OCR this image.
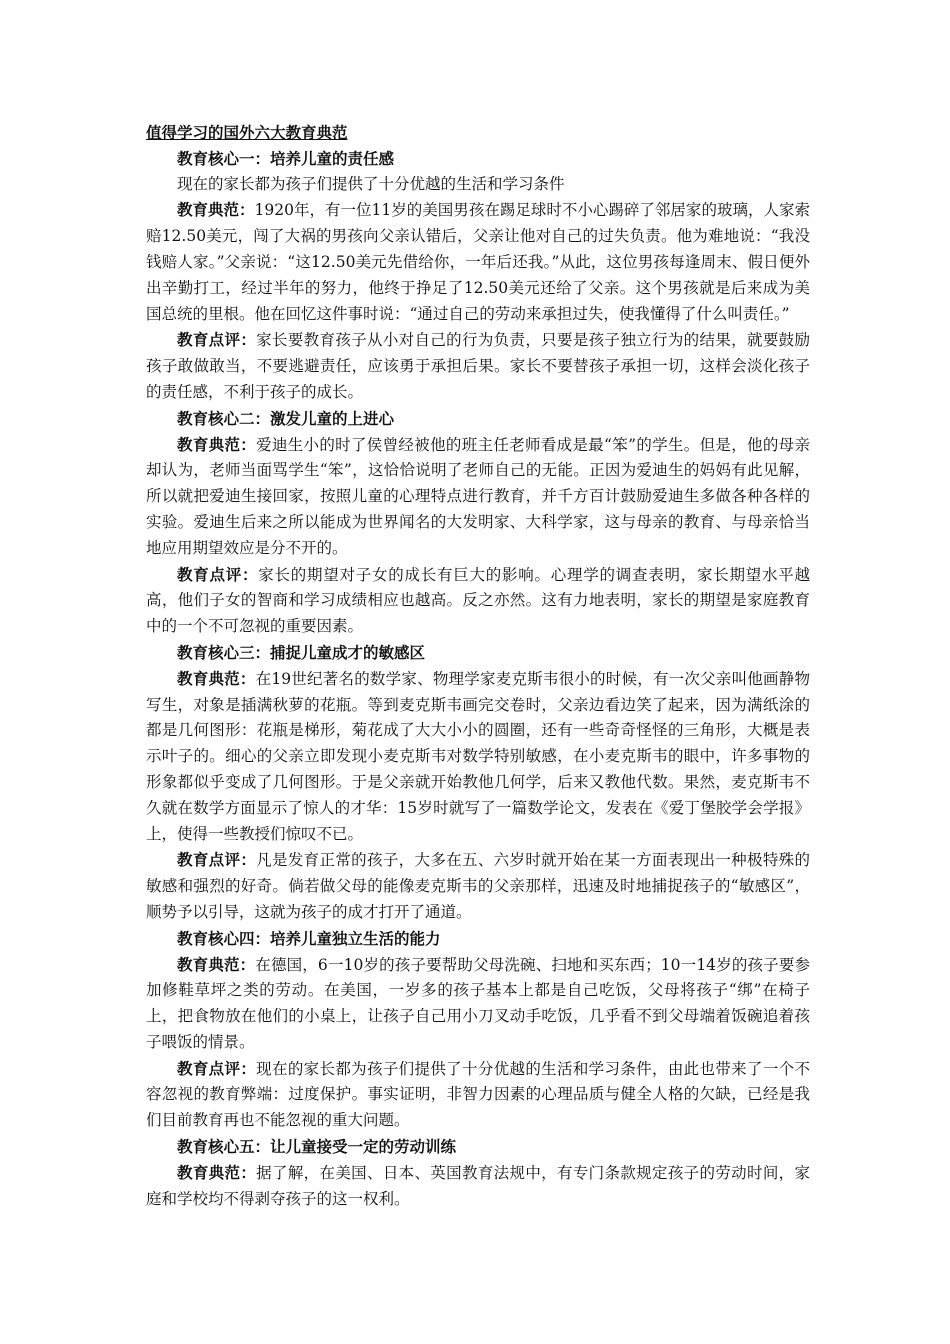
值得学习的国外六大教育典范

教育核心一：培养儿童的责任感

现在的家长都为孩子们提供了十分优越的生活和学习条件

教育典范：1920年，有一位11岁的美国男孩在踢足球时不小心踢碎了邻居家的玻璃，人家索赔12.50美元，闯了大祸的男孩向父亲认错后，父亲让他对自己的过失负责。他为难地说：“我没钱赔人家。”父亲说：“这12.50美元先借给你，一年后还我。”从此，这位男孩每逢周末、假日便外出辛勤打工，经过半年的努力，他终于挣足了12.50美元还给了父亲。这个男孩就是后来成为美国总统的里根。他在回忆这件事时说：“通过自己的劳动来承担过失，使我懂得了什么叫责任。”

教育点评：家长要教育孩子从小对自己的行为负责，只要是孩子独立行为的结果，就要鼓励孩子敢做敢当，不要逃避责任，应该勇于承担后果。家长不要替孩子承担一切，这样会淡化孩子的责任感，不利于孩子的成长。

教育核心二：激发儿童的上进心

教育典范：爱迪生小的时了侯曾经被他的班主任老师看成是最“笨”的学生。但是，他的母亲却认为，老师当面骂学生“笨”，这恰恰说明了老师自己的无能。正因为爱迪生的妈妈有此见解，所以就把爱迪生接回家，按照儿童的心理特点进行教育，并千方百计鼓励爱迪生多做各种各样的实验。爱迪生后来之所以能成为世界闻名的大发明家、大科学家，这与母亲的教育、与母亲恰当地应用期望效应是分不开的。

教育点评：家长的期望对子女的成长有巨大的影响。心理学的调查表明，家长期望水平越高，他们子女的智商和学习成绩相应也越高。反之亦然。这有力地表明，家长的期望是家庭教育中的一个不可忽视的重要因素。

教育核心三：捕捉儿童成才的敏感区

教育典范：在19世纪著名的数学家、物理学家麦克斯韦很小的时候，有一次父亲叫他画静物写生，对象是插满秋萝的花瓶。等到麦克斯韦画完交卷时，父亲边看边笑了起来，因为满纸涂的都是几何图形：花瓶是梯形，菊花成了大大小小的圆圈，还有一些奇奇怪怪的三角形，大概是表示叶子的。细心的父亲立即发现小麦克斯韦对数学特别敏感，在小麦克斯韦的眼中，许多事物的形象都似乎变成了几何图形。于是父亲就开始教他几何学，后来又教他代数。果然，麦克斯韦不久就在数学方面显示了惊人的才华：15岁时就写了一篇数学论文，发表在《爱丁堡胶学会学报》上，使得一些教授们惊叹不已。

教育点评：凡是发育正常的孩子，大多在五、六岁时就开始在某一方面表现出一种极特殊的敏感和强烈的好奇。倘若做父母的能像麦克斯韦的父亲那样，迅速及时地捕捉孩子的“敏感区”，顺势予以引导，这就为孩子的成才打开了通道。

教育核心四：培养儿童独立生活的能力

教育典范：在德国，6一10岁的孩子要帮助父母洗碗、扫地和买东西；10一14岁的孩子要参加修鞋草坪之类的劳动。在美国，一岁多的孩子基本上都是自己吃饭，父母将孩子“绑”在椅子上，把食物放在他们的小桌上，让孩子自己用小刀叉动手吃饭，几乎看不到父母端着饭碗追着孩子喂饭的情景。

教育点评：现在的家长都为孩子们提供了十分优越的生活和学习条件，由此也带来了一个不容忽视的教育弊端：过度保护。事实证明，非智力因素的心理品质与健全人格的欠缺，已经是我们目前教育再也不能忽视的重大问题。

教育核心五：让儿童接受一定的劳动训练

教育典范：据了解，在美国、日本、英国教育法规中，有专门条款规定孩子的劳动时间，家庭和学校均不得剥夺孩子的这一权利。
